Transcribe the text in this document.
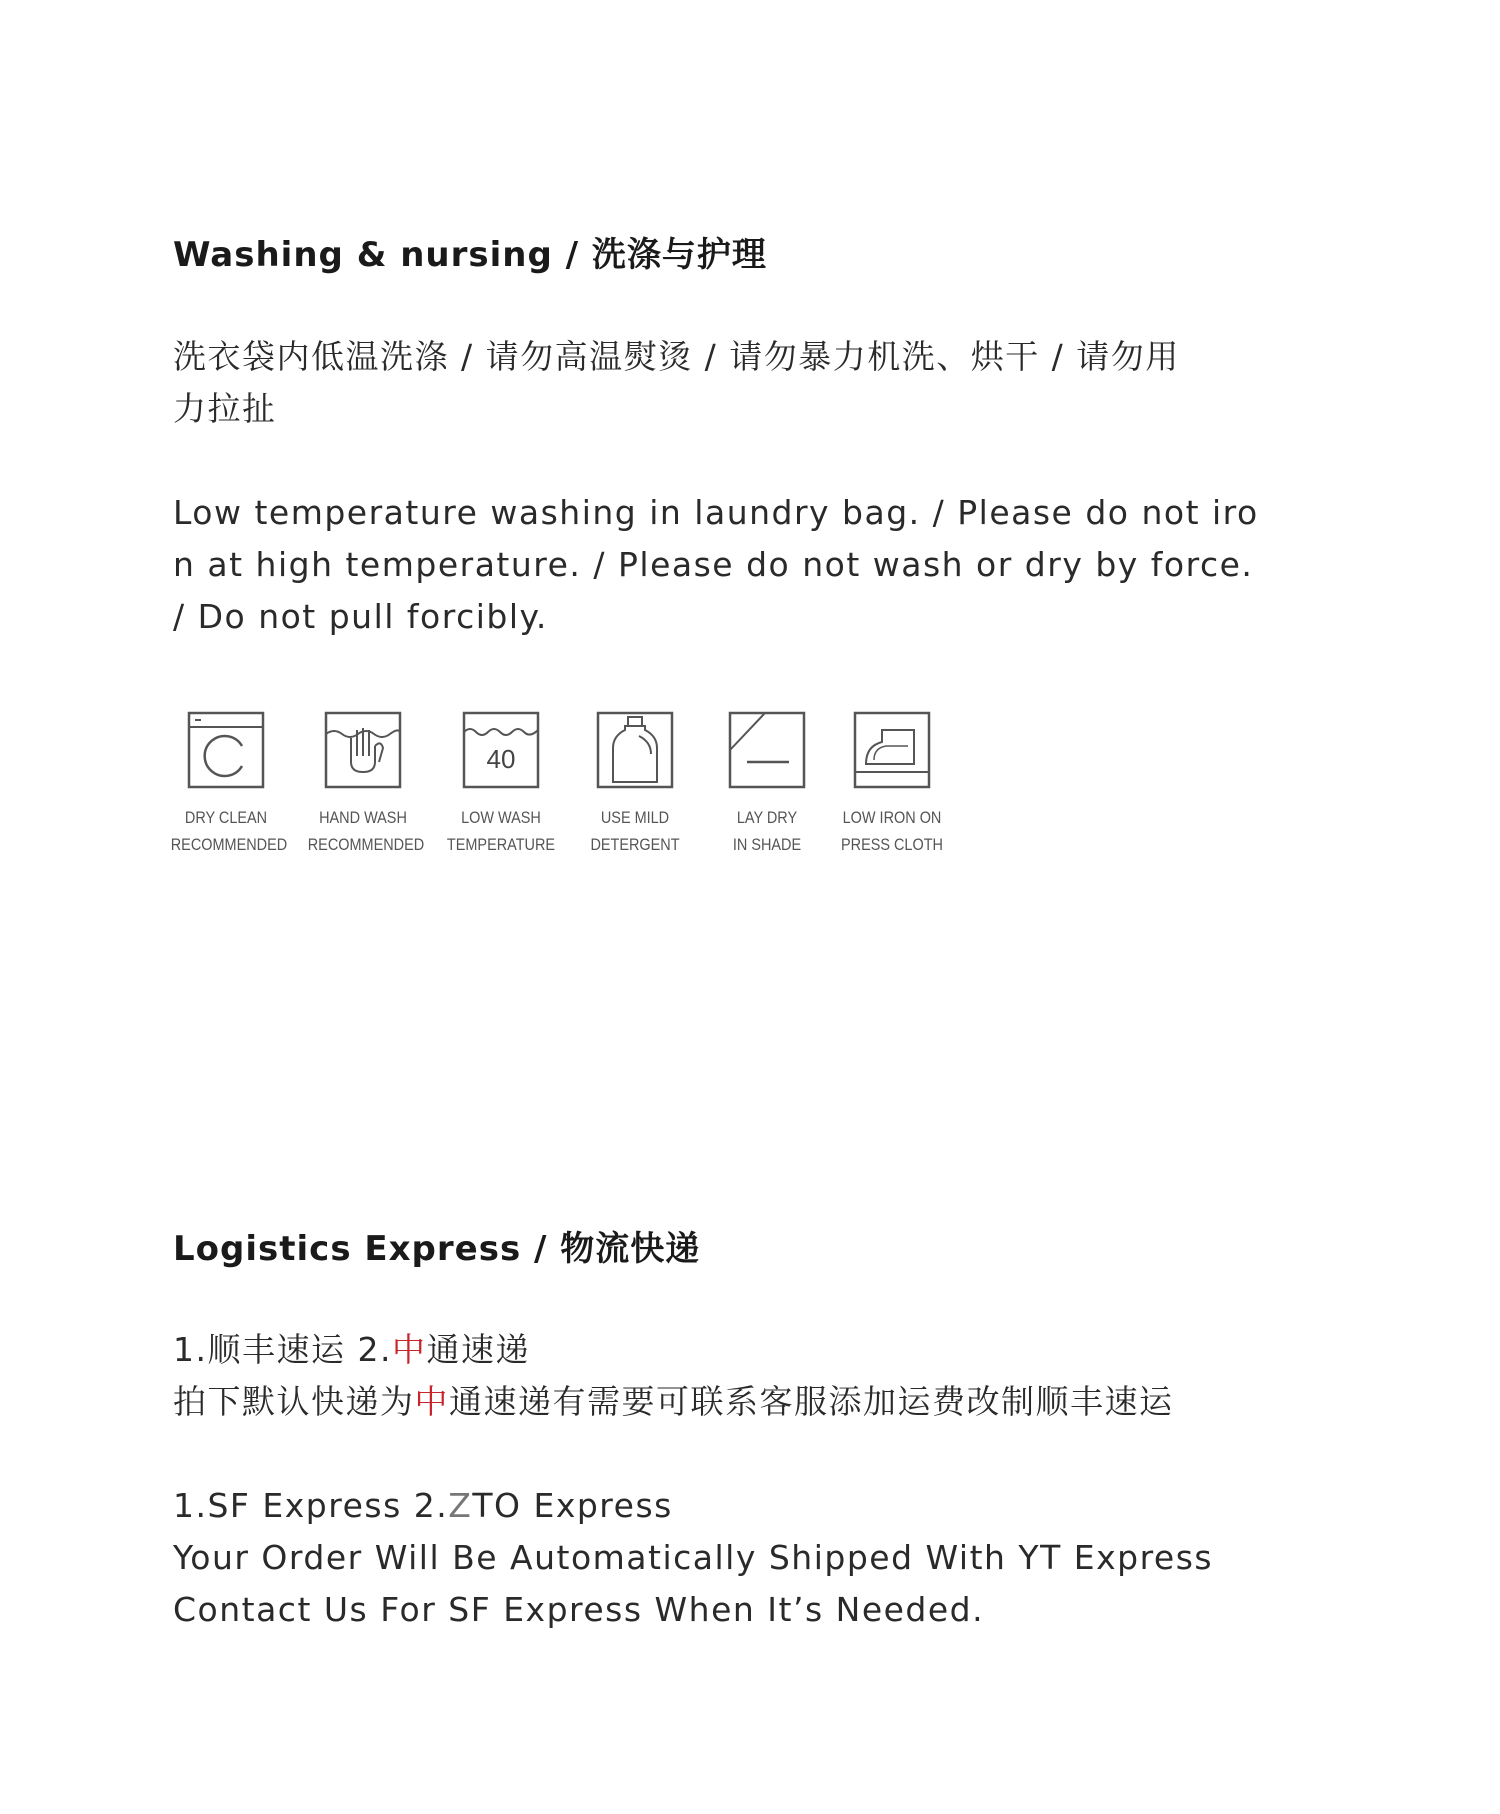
Washing & nursing / 洗涤与护理
洗衣袋内低温洗涤 / 请勿高温熨烫 / 请勿暴力机洗、烘干 / 请勿用
力拉扯
Low temperature washing in laundry bag. / Please do not iro
n at high temperature. / Please do not wash or dry by force.
/ Do not pull forcibly.
DRY CLEAN
RECOMMENDED
HAND WASH
RECOMMENDED
40
LOW WASH
TEMPERATURE
USE MILD
DETERGENT
LAY DRY
IN SHADE
LOW IRON ON
PRESS CLOTH
Logistics Express / 物流快递
1.顺丰速运 2.中通速递
拍下默认快递为中通速递有需要可联系客服添加运费改制顺丰速运
1.SF Express 2.ZTO Express
Your Order Will Be Automatically Shipped With YT Express
Contact Us For SF Express When It’s Needed.
